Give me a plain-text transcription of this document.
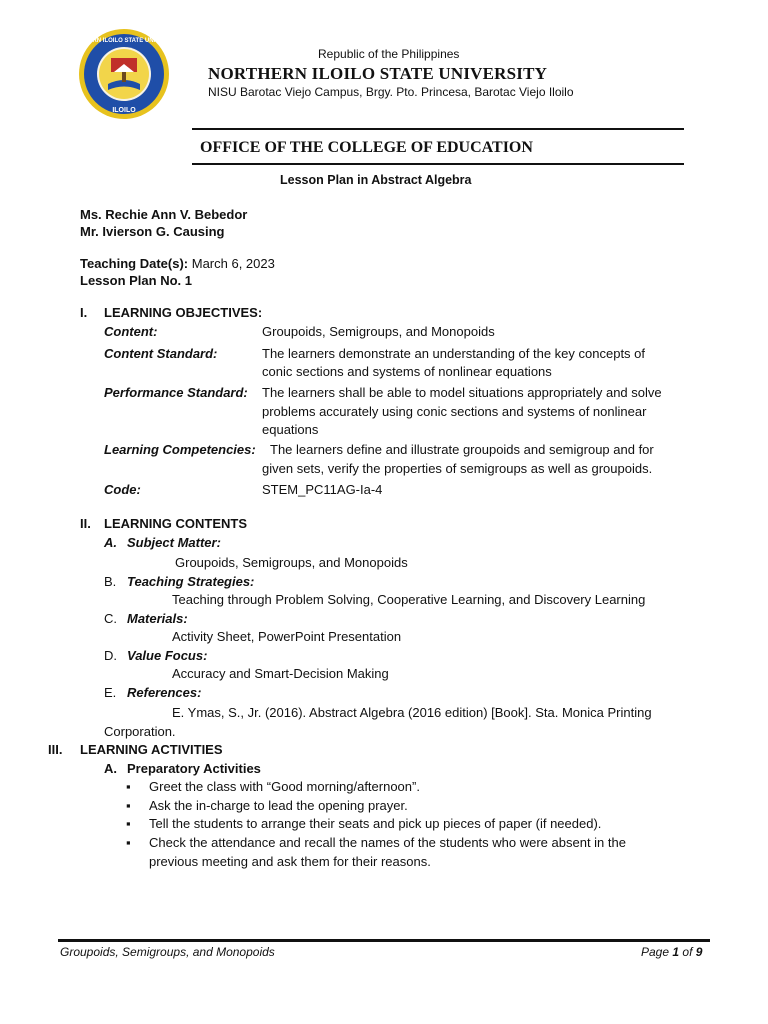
NORTHERN ILOILO STATE UNIVERSITY
ILOILO
Republic of the Philippines
NORTHERN ILOILO STATE UNIVERSITY
NISU Barotac Viejo Campus, Brgy. Pto. Princesa, Barotac Viejo Iloilo
OFFICE OF THE COLLEGE OF EDUCATION
Lesson Plan in Abstract Algebra
Ms. Rechie Ann V. Bebedor
Mr. Ivierson G. Causing
Teaching Date(s): March 6, 2023
Lesson Plan No. 1
I. LEARNING OBJECTIVES:
Content:	Groupoids, Semigroups, and Monopoids
Content Standard:	The learners demonstrate an understanding of the key concepts of
conic sections and systems of nonlinear equations
Performance Standard: The learners shall be able to model situations appropriately and solve
problems accurately using conic sections and systems of nonlinear
equations
Learning Competencies: The learners define and illustrate groupoids and semigroup and for
given sets, verify the properties of semigroups as well as groupoids.
Code:	STEM_PC11AG-Ia-4
II. LEARNING CONTENTS
A. Subject Matter:
Groupoids, Semigroups, and Monopoids
B. Teaching Strategies:
Teaching through Problem Solving, Cooperative Learning, and Discovery Learning
C. Materials:
Activity Sheet, PowerPoint Presentation
D. Value Focus:
Accuracy and Smart-Decision Making
E. References:
E. Ymas, S., Jr. (2016). Abstract Algebra (2016 edition) [Book]. Sta. Monica Printing
Corporation.
III. LEARNING ACTIVITIES
A. Preparatory Activities
▪ Greet the class with “Good morning/afternoon”.
▪ Ask the in-charge to lead the opening prayer.
▪ Tell the students to arrange their seats and pick up pieces of paper (if needed).
▪ Check the attendance and recall the names of the students who were absent in the
previous meeting and ask them for their reasons.
Groupoids, Semigroups, and Monopoids	Page 1 of 9
